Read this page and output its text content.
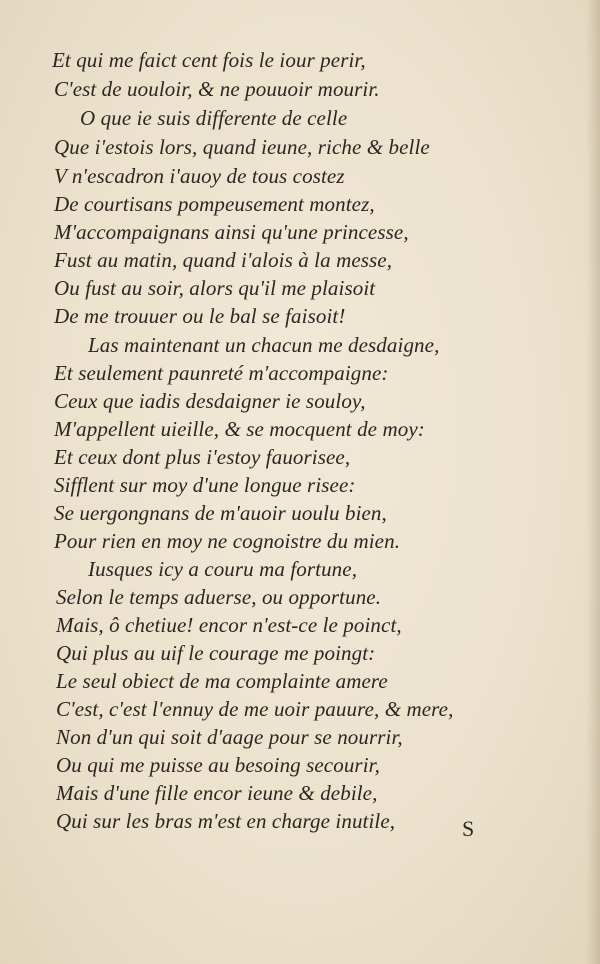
Et qui me faict cent fois le iour perir,
C'est de uouloir, & ne pouuoir mourir.
O que ie suis differente de celle
Que i'estois lors, quand ieune, riche & belle
V n'escadron i'auoy de tous costez
De courtisans pompeusement montez,
M'accompaignans ainsi qu'une princesse,
Fust au matin, quand i'alois à la messe,
Ou fust au soir, alors qu'il me plaisoit
De me trouuer ou le bal se faisoit!
Las maintenant un chacun me desdaigne,
Et seulement paunreté m'accompaigne:
Ceux que iadis desdaigner ie souloy,
M'appellent uieille, & se mocquent de moy:
Et ceux dont plus i'estoy fauorisee,
Sifflent sur moy d'une longue risee:
Se uergongnans de m'auoir uoulu bien,
Pour rien en moy ne cognoistre du mien.
Iusques icy a couru ma fortune,
Selon le temps aduerse, ou opportune.
Mais, ô chetiue! encor n'est-ce le poinct,
Qui plus au uif le courage me poingt:
Le seul obiect de ma complainte amere
C'est, c'est l'ennuy de me uoir pauure, & mere,
Non d'un qui soit d'aage pour se nourrir,
Ou qui me puisse au besoing secourir,
Mais d'une fille encor ieune & debile,
Qui sur les bras m'est en charge inutile,	S
